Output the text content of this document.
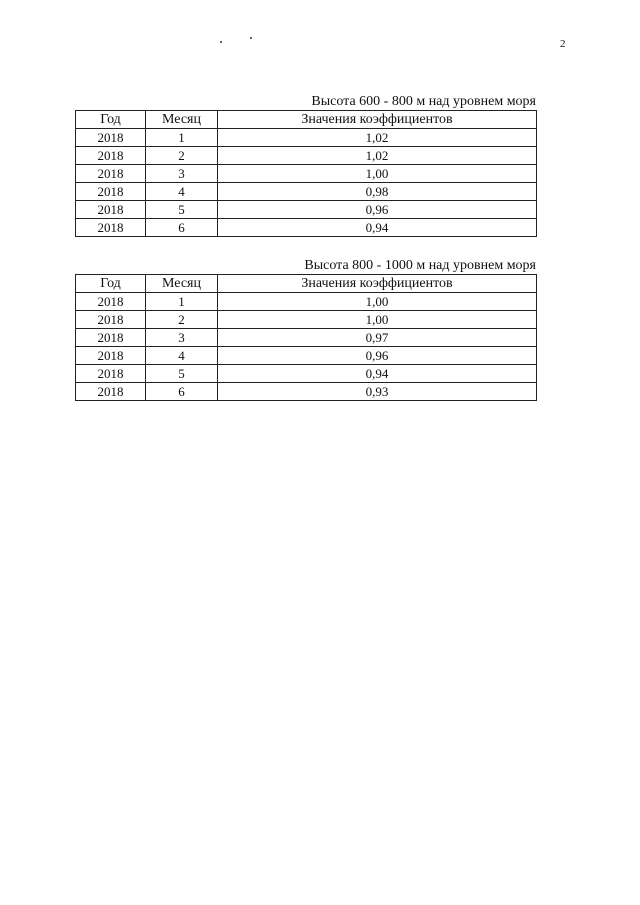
2
Высота 600 - 800 м над уровнем моря
Год	Месяц	Значения коэффициентов
2018	1	1,02
2018	2	1,02
2018	3	1,00
2018	4	0,98
2018	5	0,96
2018	6	0,94
Высота 800 - 1000 м над уровнем моря
Год	Месяц	Значения коэффициентов
2018	1	1,00
2018	2	1,00
2018	3	0,97
2018	4	0,96
2018	5	0,94
2018	6	0,93
